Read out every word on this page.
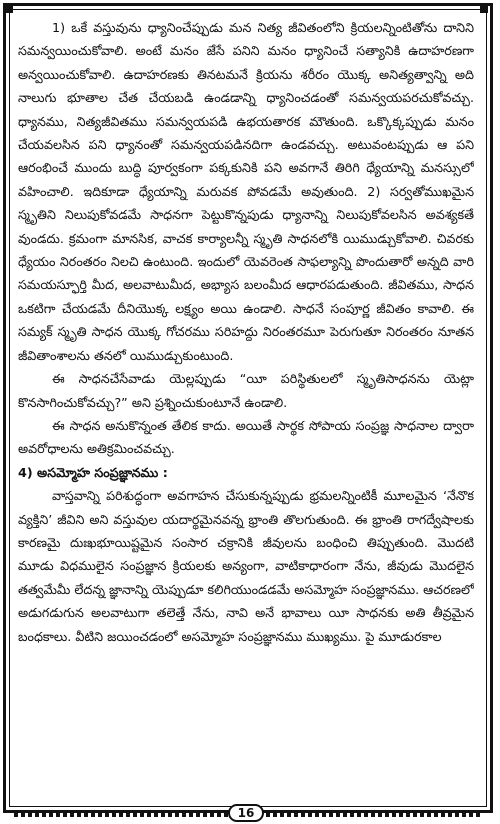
1) ఒకే వస్తువును ధ్యానించేప్పుడు మన నిత్య జీవితంలోని క్రియలన్నింటితోను దానిని సమన్వయించుకోవాలి. అంటే మనం జేసే పనిని మనం ధ్యానించే సత్యానికి ఉదాహరణగా అన్వయించుకోవాలి. ఉదాహరణకు తినటమనే క్రియను శరీరం యొక్క అనిత్యత్వాన్ని అది నాలుగు భూతాల చేత చేయబడి ఉండడాన్ని ధ్యానించడంతో సమన్వయపరచుకోవచ్చు. ధ్యానము, నిత్యజీవితము సమన్వయపడి ఉభయతారక మౌతుంది. ఒక్కొక్కప్పుడు మనం చేయవలసిన పని ధ్యానంతో సమన్వయపడినదిగా ఉండవచ్చు. అటువంటప్పుడు ఆ పని ఆరంభించే ముందు బుద్ధి పూర్వకంగా పక్కకునికి పని అవగానే తిరిగి ధ్యేయాన్ని మనస్సులో వహించాలి. ఇదికూడా ధ్యేయాన్ని మరువక పోవడమే అవుతుంది. 2) సర్వతోముఖమైన స్మృతిని నిలుపుకోవడమే సాధనగా పెట్టుకొన్నపుడు ధ్యానాన్ని నిలుపుకోవలసిన అవశ్యకతే వుండదు. క్రమంగా మానసిక, వాచక కార్యాలన్నీ స్మృతి సాధనలోకి యిముడ్చుకోవాలి. చివరకు ధ్యేయం నిరంతరం నిలచి ఉంటుంది. ఇందులో యెవరెంత సాఫల్యాన్ని పొందుతారో అన్నది వారి సమయస్ఫూర్తి మీద, అలవాటుమీద, అభ్యాస బలంమీద ఆధారపడుతుంది. జీవితము, సాధన ఒకటిగా చేయడమే దీనియొక్క లక్ష్యం అయి ఉండాలి. సాధనే సంపూర్ణ జీవితం కావాలి. ఈ సమ్యక్ స్మృతి సాధన యొక్క గోచరము సరిహద్దు నిరంతరమూ పెరుగుతూ నిరంతరం నూతన జీవితాంశాలను తనలో యిముడ్చుకుంటుంది.

ఈ సాధనచేసేవాడు యెల్లప్పుడు “యీ పరిస్థితులలో స్మృతిసాధనను యెట్లా కొనసాగించుకోవచ్చు?” అని ప్రశ్నించుకుంటూనే ఉండాలి.

ఈ సాధన అనుకొన్నంత తేలిక కాదు. అయితే సార్థక సోపాయ సంప్రజ్ఞ సాధనాల ద్వారా అవరోధాలను అతిక్రమించవచ్చు.

4) అసమ్మోహ సంప్రజ్ఞానము :

వాస్తవాన్ని పరిశుద్ధంగా అవగాహన చేసుకున్నప్పుడు భ్రమలన్నింటికీ మూలమైన ‘నేనొక వ్యక్తిని’ జీవిని అని వస్తువుల యదార్థమైనవన్న భ్రాంతి తొలగుతుంది. ఈ భ్రాంతి రాగద్వేషాలకు కారణమై దుఃఖభూయిష్టమైన సంసార చక్రానికి జీవులను బంధించి తిప్పుతుంది. మొదటి మూడు విధములైన సంప్రజ్ఞాన క్రియలకు అన్యంగా, వాటికాధారంగా నేను, జీవుడు మొదలైన తత్వమేమీ లేదన్న జ్ఞానాన్ని యెప్పుడూ కలిగియుండడమే అసమ్మోహ సంప్రజ్ఞానము. ఆచరణలో అడుగడుగున అలవాటుగా తలెత్తే నేను, నావి అనే భావాలు యీ సాధనకు అతి తీవ్రమైన బంధకాలు. వీటిని జయించడంలో అసమ్మోహ సంప్రజ్ఞానము ముఖ్యము. పై మూడురకాల

16
